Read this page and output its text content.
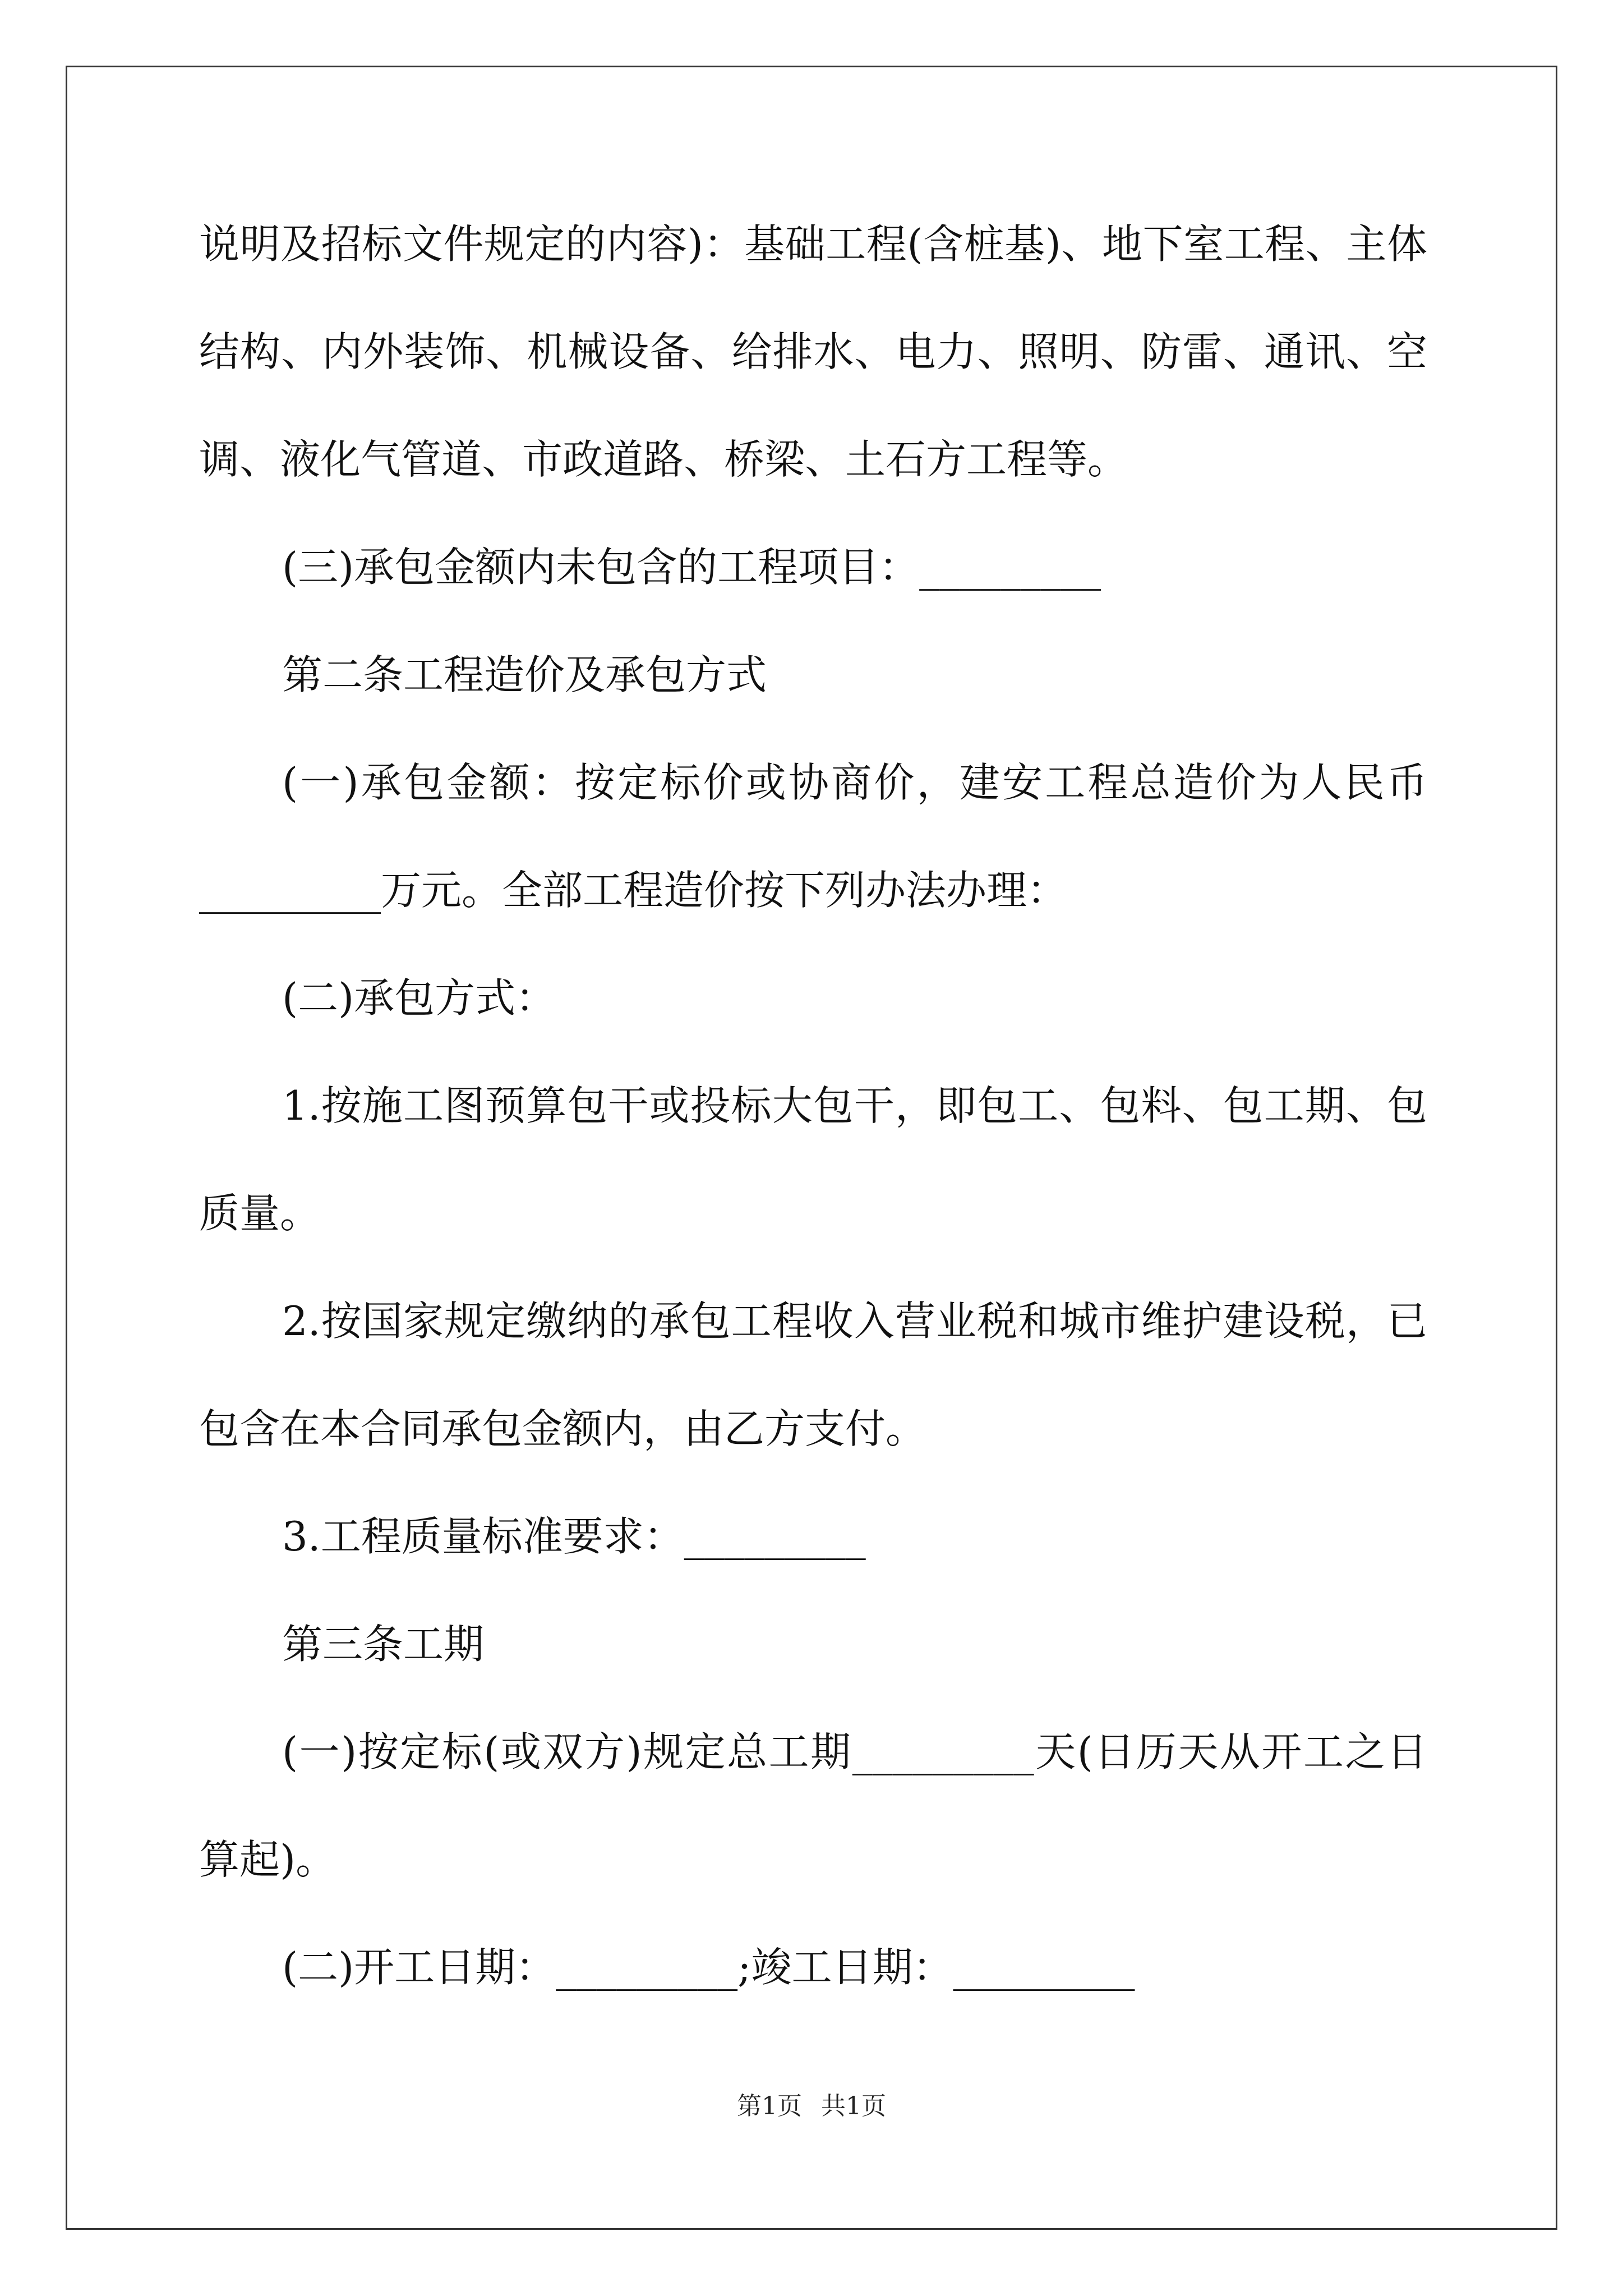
说明及招标文件规定的内容)：基础工程(含桩基)、地下室工程、主体
结构、内外装饰、机械设备、给排水、电力、照明、防雷、通讯、空
调、液化气管道、市政道路、桥梁、土石方工程等。
(三)承包金额内未包含的工程项目：_________
第二条工程造价及承包方式
(一)承包金额：按定标价或协商价，建安工程总造价为人民币
_________万元。全部工程造价按下列办法办理：
(二)承包方式：
1.按施工图预算包干或投标大包干，即包工、包料、包工期、包
质量。
2.按国家规定缴纳的承包工程收入营业税和城市维护建设税，已
包含在本合同承包金额内，由乙方支付。
3.工程质量标准要求：_________
第三条工期
(一)按定标(或双方)规定总工期_________天(日历天从开工之日
算起)。
(二)开工日期：_________;竣工日期：_________
第1页 共1页
